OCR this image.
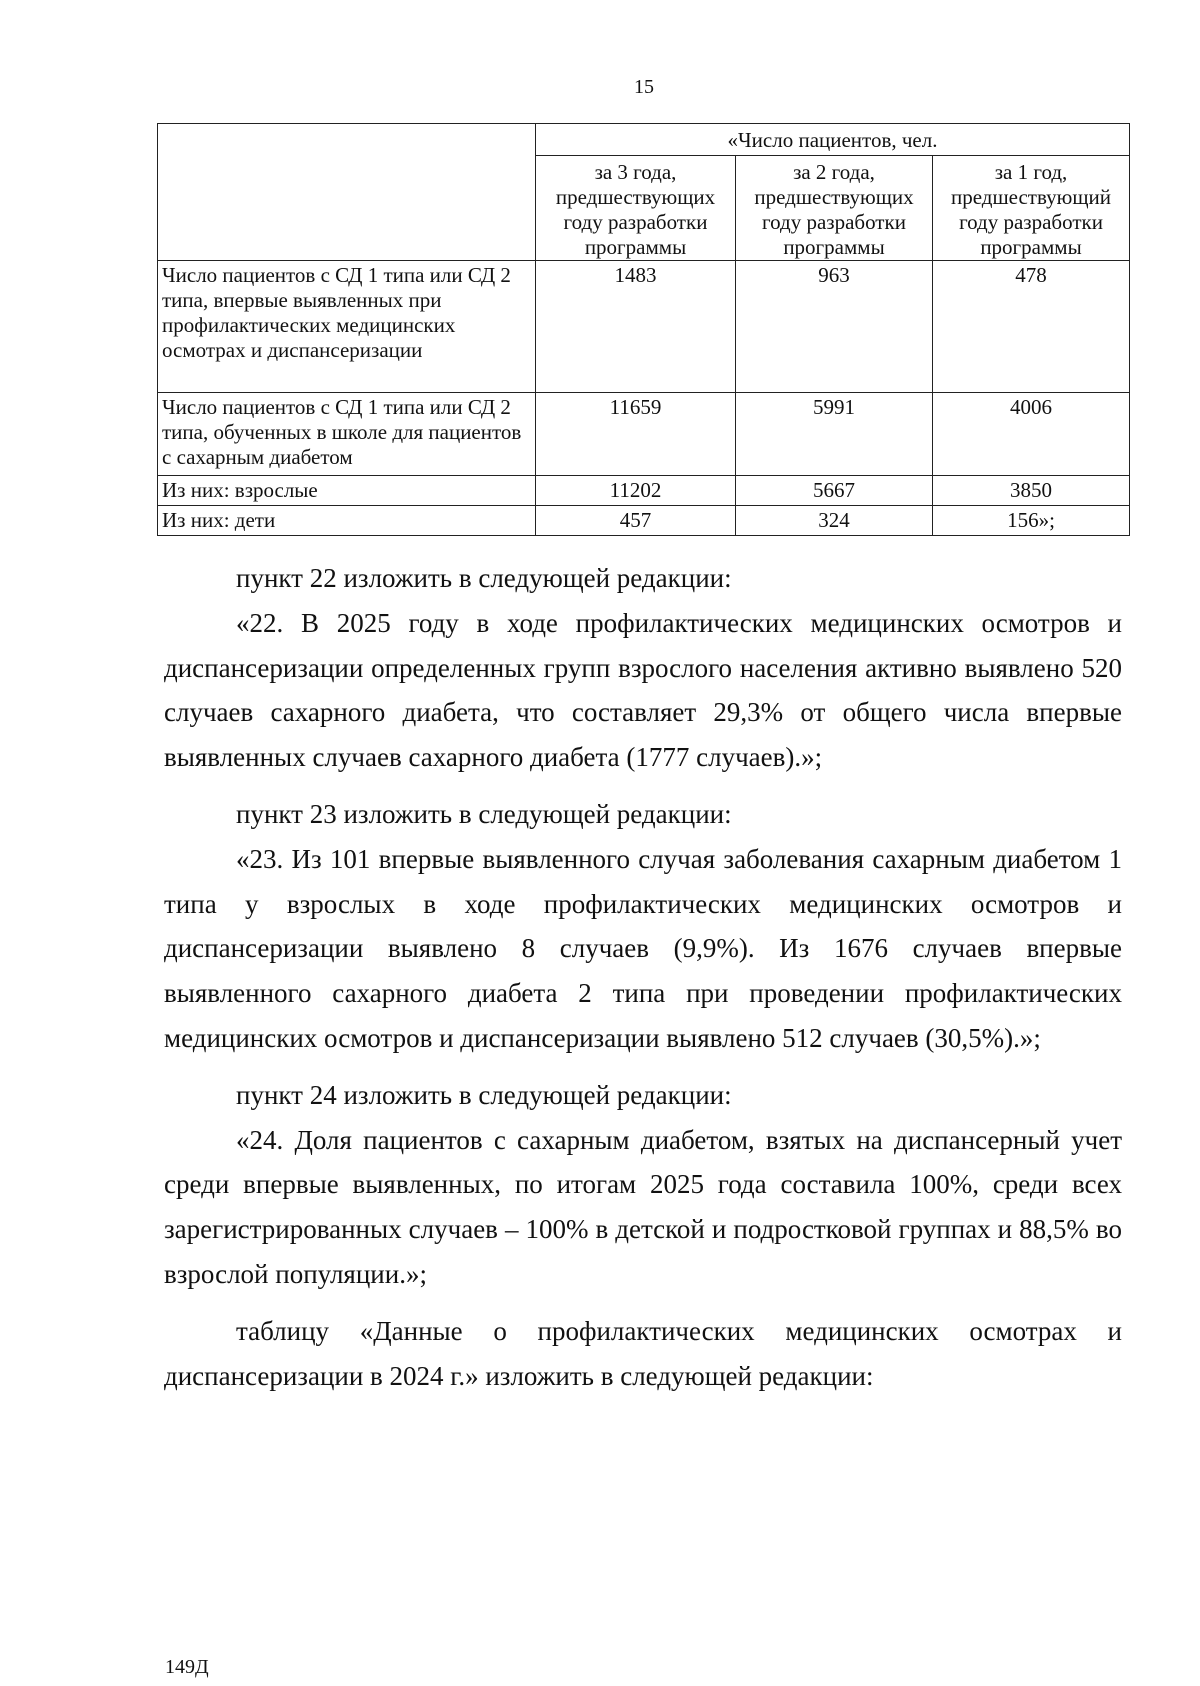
15
	«Число пациентов, чел.		
	за 3 года, предшествующих году разработки программы	за 2 года, предшествующих году разработки программы	за 1 год, предшествующий году разработки программы
Число пациентов с СД 1 типа или СД 2 типа, впервые выявленных при профилактических медицинских осмотрах и диспансеризации	1483	963	478
Число пациентов с СД 1 типа или СД 2 типа, обученных в школе для пациентов с сахарным диабетом	11659	5991	4006
Из них: взрослые	11202	5667	3850
Из них: дети	457	324	156»;

пункт 22 изложить в следующей редакции:

«22. В 2025 году в ходе профилактических медицинских осмотров и диспансеризации определенных групп взрослого населения активно выявлено 520 случаев сахарного диабета, что составляет 29,3% от общего числа впервые выявленных случаев сахарного диабета (1777 случаев).»;

пункт 23 изложить в следующей редакции:

«23. Из 101 впервые выявленного случая заболевания сахарным диабетом 1 типа у взрослых в ходе профилактических медицинских осмотров и диспансеризации выявлено 8 случаев (9,9%). Из 1676 случаев впервые выявленного сахарного диабета 2 типа при проведении профилактических медицинских осмотров и диспансеризации выявлено 512 случаев (30,5%).»;

пункт 24 изложить в следующей редакции:

«24. Доля пациентов с сахарным диабетом, взятых на диспансерный учет среди впервые выявленных, по итогам 2025 года составила 100%, среди всех зарегистрированных случаев – 100% в детской и подростковой группах и 88,5% во взрослой популяции.»;

таблицу «Данные о профилактических медицинских осмотрах и диспансеризации в 2024 г.» изложить в следующей редакции:

149Д
